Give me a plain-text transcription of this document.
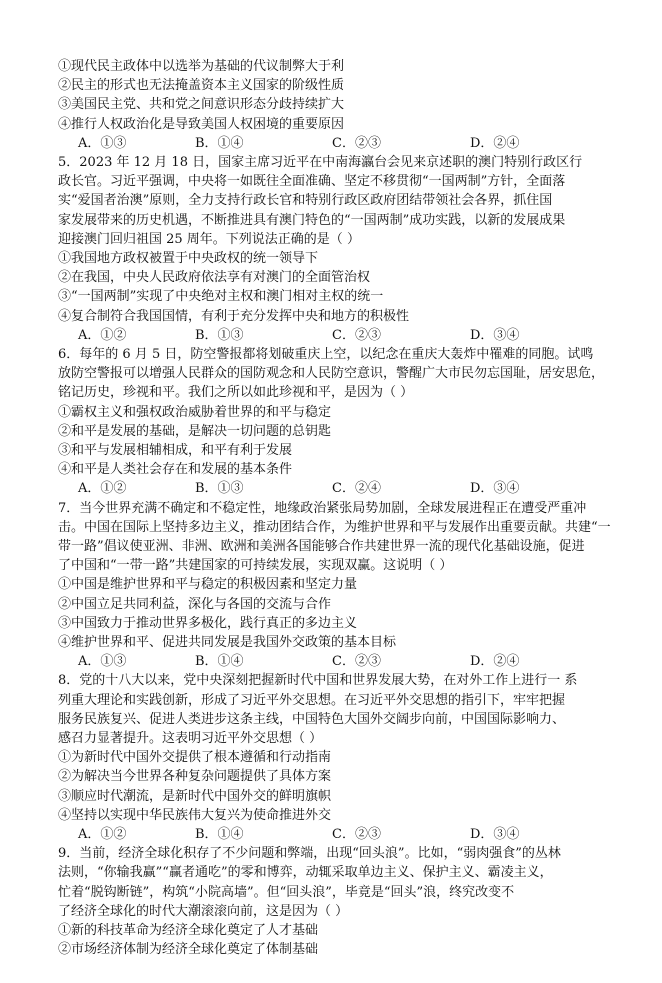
①现代民主政体中以选举为基础的代议制弊大于利
②民主的形式也无法掩盖资本主义国家的阶级性质
③美国民主党、共和党之间意识形态分歧持续扩大
④推行人权政治化是导致美国人权困境的重要原因
A．①③	B．①④	C．②③	D．②④
5．2023 年 12 月 18 日，国家主席习近平在中南海瀛台会见来京述职的澳门特别行政区行
政长官。习近平强调，中央将一如既往全面准确、坚定不移贯彻“一国两制”方针，全面落
实“爱国者治澳”原则，全力支持行政长官和特别行政区政府团结带领社会各界，抓住国
家发展带来的历史机遇，不断推进具有澳门特色的“一国两制”成功实践，以新的发展成果
迎接澳门回归祖国 25 周年。下列说法正确的是（ ）
①我国地方政权被置于中央政权的统一领导下
②在我国，中央人民政府依法享有对澳门的全面管治权
③“一国两制”实现了中央绝对主权和澳门相对主权的统一
④复合制符合我国国情，有利于充分发挥中央和地方的积极性
A．①②	B．①③	C．②③	D．③④
6．每年的 6 月 5 日，防空警报都将划破重庆上空，以纪念在重庆大轰炸中罹难的同胞。试鸣
放防空警报可以增强人民群众的国防观念和人民防空意识，警醒广大市民勿忘国耻，居安思危，
铭记历史，珍视和平。我们之所以如此珍视和平，是因为（ ）
①霸权主义和强权政治威胁着世界的和平与稳定
②和平是发展的基础，是解决一切问题的总钥匙
③和平与发展相辅相成，和平有利于发展
④和平是人类社会存在和发展的基本条件
A．①②	B．①③	C．②④	D．③④
7．当今世界充满不确定和不稳定性，地缘政治紧张局势加剧，全球发展进程正在遭受严重冲
击。中国在国际上坚持多边主义，推动团结合作，为维护世界和平与发展作出重要贡献。共建“一
带一路”倡议使亚洲、非洲、欧洲和美洲各国能够合作共建世界一流的现代化基础设施，促进
了中国和“一带一路”共建国家的可持续发展，实现双赢。这说明（ ）
①中国是维护世界和平与稳定的积极因素和坚定力量
②中国立足共同利益，深化与各国的交流与合作
③中国致力于推动世界多极化，践行真正的多边主义
④维护世界和平、促进共同发展是我国外交政策的基本目标
A．①③	B．①④	C．②③	D．②④
8．党的十八大以来，党中央深刻把握新时代中国和世界发展大势，在对外工作上进行一 系
列重大理论和实践创新，形成了习近平外交思想。在习近平外交思想的指引下，牢牢把握
服务民族复兴、促进人类进步这条主线，中国特色大国外交阔步向前，中国国际影响力、
感召力显著提升。这表明习近平外交思想（ ）
①为新时代中国外交提供了根本遵循和行动指南
②为解决当今世界各种复杂问题提供了具体方案
③顺应时代潮流，是新时代中国外交的鲜明旗帜
④坚持以实现中华民族伟大复兴为使命推进外交
A．①②	B．①④	C．②③	D．③④
9．当前，经济全球化积存了不少问题和弊端，出现“回头浪”。比如，“弱肉强食”的丛林
法则，“你输我赢”“赢者通吃”的零和博弈，动辄采取单边主义、保护主义、霸凌主义，
忙着“脱钩断链”，构筑“小院高墙”。但“回头浪”，毕竟是“回头”浪，终究改变不
了经济全球化的时代大潮滚滚向前，这是因为（ ）
①新的科技革命为经济全球化奠定了人才基础
②市场经济体制为经济全球化奠定了体制基础
